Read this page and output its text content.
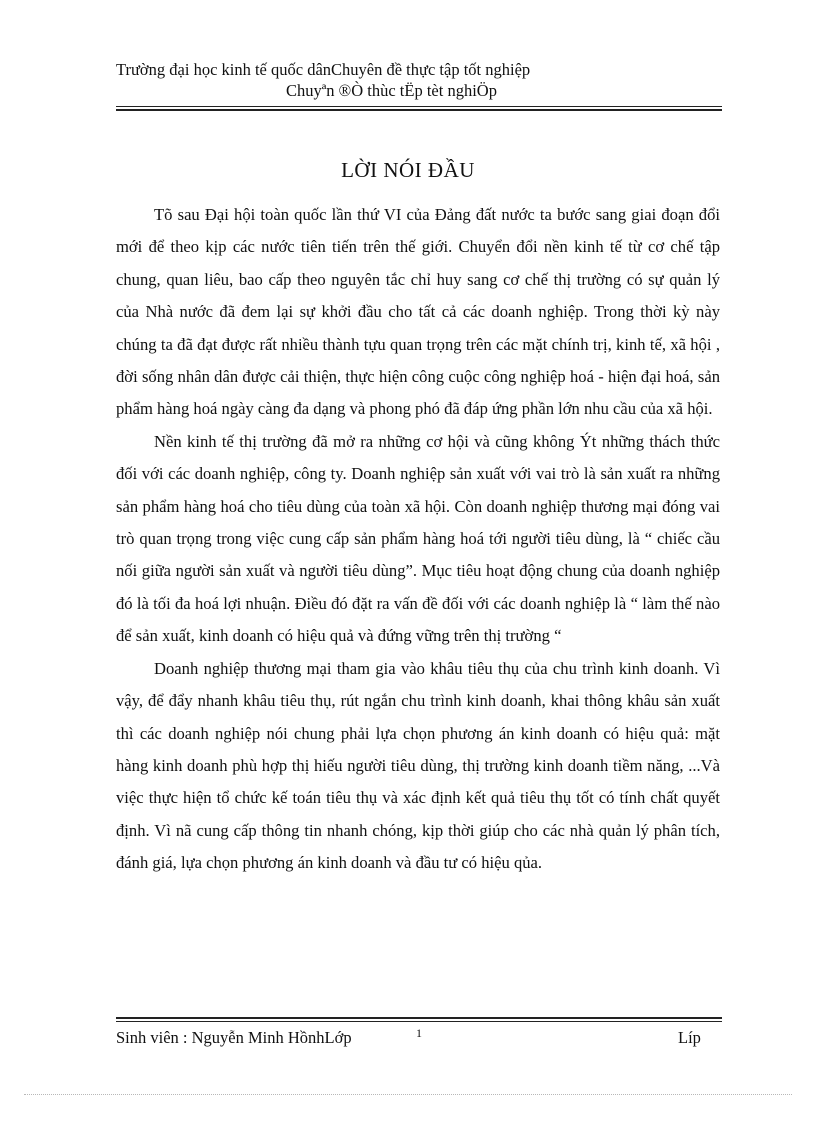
Trường đại học kinh tế quốc dânChuyên đề thực tập tốt nghiệp
Chuyªn ®Ò thùc tËp tèt nghiÖp
LỜI NÓI ĐẦU

Tõ sau Đại hội toàn quốc lần thứ VI của Đảng đất nước ta bước sang giai đoạn đổi mới để theo kịp các nước tiên tiến trên thế giới. Chuyển đổi nền kinh tế từ cơ chế tập chung, quan liêu, bao cấp theo nguyên tắc chỉ huy sang cơ chế thị trường có sự quản lý của Nhà nước đã đem lại sự khởi đầu cho tất cả các doanh nghiệp. Trong thời kỳ này chúng ta đã đạt được rất nhiều thành tựu quan trọng trên các mặt chính trị, kinh tế, xã hội , đời sống nhân dân được cải thiện, thực hiện công cuộc công nghiệp hoá - hiện đại hoá, sản phẩm hàng hoá ngày càng đa dạng và phong phó đã đáp ứng phần lớn nhu cầu của xã hội.

Nền kinh tế thị trường đã mở ra những cơ hội và cũng không Ýt những thách thức đối với các doanh nghiệp, công ty. Doanh nghiệp sản xuất với vai trò là sản xuất ra những sản phẩm hàng hoá cho tiêu dùng của toàn xã hội. Còn doanh nghiệp thương mại đóng vai trò quan trọng trong việc cung cấp sản phẩm hàng hoá tới người tiêu dùng, là “ chiếc cầu nối giữa người sản xuất và người tiêu dùng”. Mục tiêu hoạt động chung của doanh nghiệp đó là tối đa hoá lợi nhuận. Điều đó đặt ra vấn đề đối với các doanh nghiệp là “ làm thế nào để sản xuất, kinh doanh có hiệu quả và đứng vững trên thị trường “

Doanh nghiệp thương mại tham gia vào khâu tiêu thụ của chu trình kinh doanh. Vì vậy, để đẩy nhanh khâu tiêu thụ, rút ngắn chu trình kinh doanh, khai thông khâu sản xuất thì các doanh nghiệp nói chung phải lựa chọn phương án kinh doanh có hiệu quả: mặt hàng kinh doanh phù hợp thị hiếu người tiêu dùng, thị trường kinh doanh tiềm năng, ...Và việc thực hiện tổ chức kế toán tiêu thụ và xác định kết quả tiêu thụ tốt có tính chất quyết định. Vì nã cung cấp thông tin nhanh chóng, kịp thời giúp cho các nhà quản lý phân tích, đánh giá, lựa chọn phương án kinh doanh và đầu tư có hiệu qủa.

Sinh viên : Nguyễn Minh HồnhLớp	1	Líp
